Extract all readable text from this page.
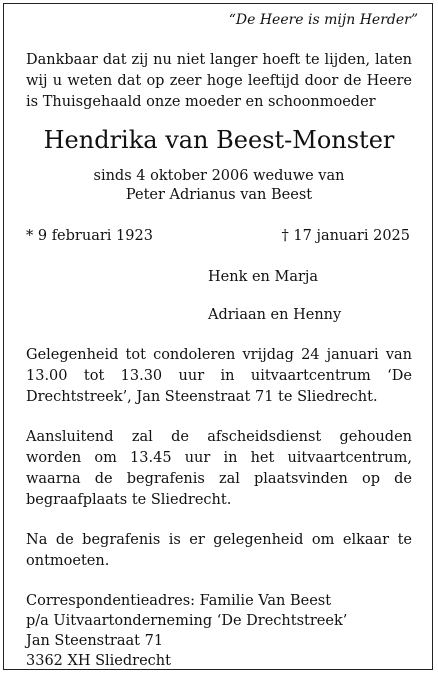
“De Heere is mijn Herder”

Dankbaar dat zij nu niet langer hoeft te lijden, laten wij u weten dat op zeer hoge leeftijd door de Heere is Thuisgehaald onze moeder en schoonmoeder

Hendrika van Beest-Monster
sinds 4 oktober 2006 weduwe van
Peter Adrianus van Beest
* 9 februari 1923	† 17 januari 2025
Henk en Marja
Adriaan en Henny

Gelegenheid tot condoleren vrijdag 24 januari van 13.00 tot 13.30 uur in uitvaartcentrum ‘De Drechtstreek’, Jan Steenstraat 71 te Sliedrecht.

Aansluitend zal de afscheidsdienst gehouden worden om 13.45 uur in het uitvaartcentrum, waarna de begrafenis zal plaatsvinden op de begraafplaats te Sliedrecht.

Na de begrafenis is er gelegenheid om elkaar te ontmoeten.

Correspondentieadres: Familie Van Beest
p/a Uitvaartonderneming ‘De Drechtstreek’
Jan Steenstraat 71
3362 XH Sliedrecht
